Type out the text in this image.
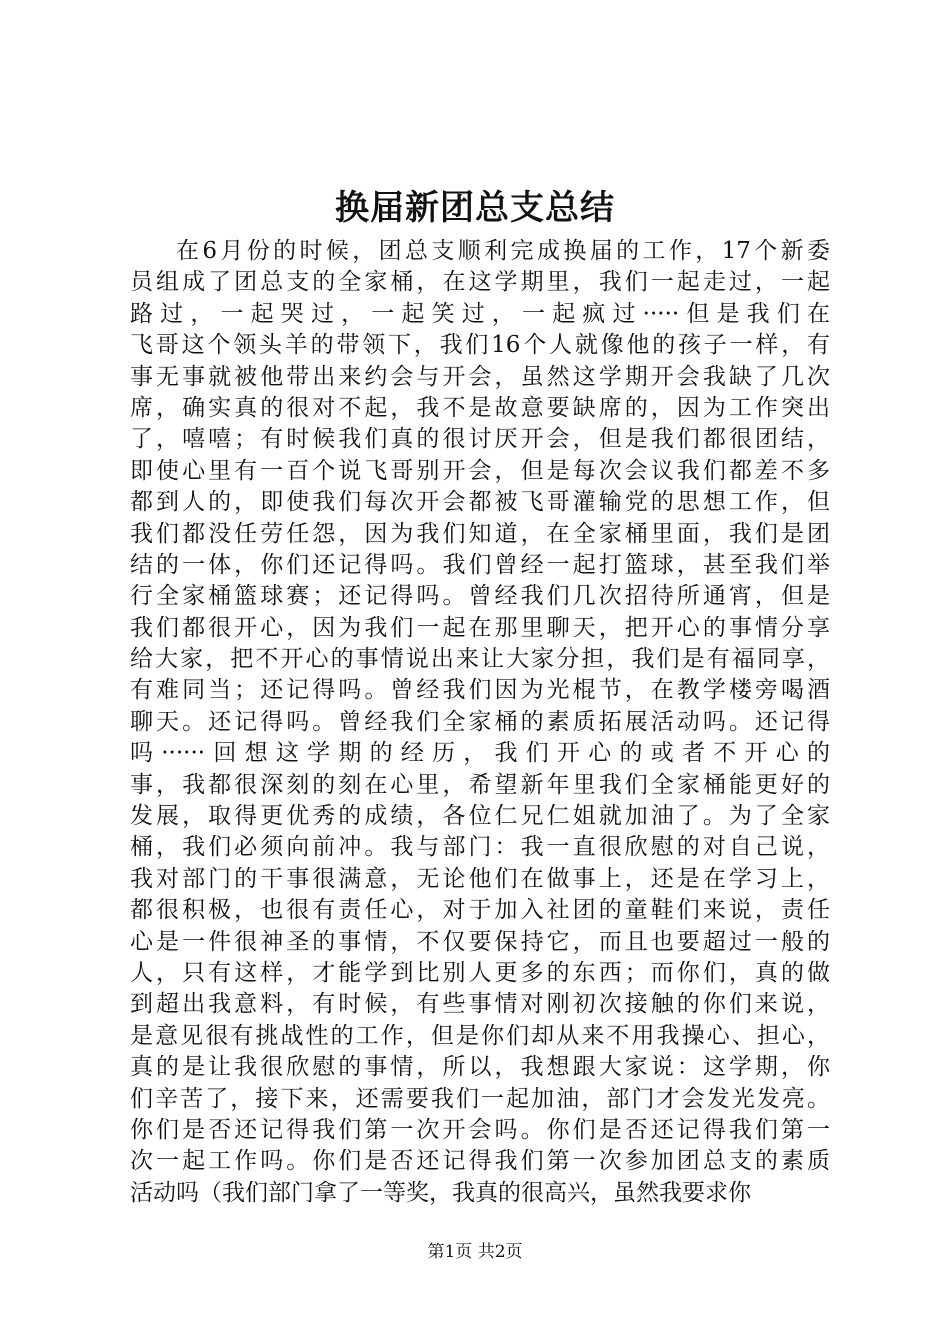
换届新团总支总结
在6月份的时候，团总支顺利完成换届的工作，17个新委
员组成了团总支的全家桶，在这学期里，我们一起走过，一起
路过，一起哭过，一起笑过，一起疯过·····但是我们在
飞哥这个领头羊的带领下，我们16个人就像他的孩子一样，有
事无事就被他带出来约会与开会，虽然这学期开会我缺了几次
席，确实真的很对不起，我不是故意要缺席的，因为工作突出
了，嘻嘻；有时候我们真的很讨厌开会，但是我们都很团结，
即使心里有一百个说飞哥别开会，但是每次会议我们都差不多
都到人的，即使我们每次开会都被飞哥灌输党的思想工作，但
我们都没任劳任怨，因为我们知道，在全家桶里面，我们是团
结的一体，你们还记得吗。我们曾经一起打篮球，甚至我们举
行全家桶篮球赛；还记得吗。曾经我们几次招待所通宵，但是
我们都很开心，因为我们一起在那里聊天，把开心的事情分享
给大家，把不开心的事情说出来让大家分担，我们是有福同享，
有难同当；还记得吗。曾经我们因为光棍节，在教学楼旁喝酒
聊天。还记得吗。曾经我们全家桶的素质拓展活动吗。还记得
吗······回想这学期的经历，我们开心的或者不开心的
事，我都很深刻的刻在心里，希望新年里我们全家桶能更好的
发展，取得更优秀的成绩，各位仁兄仁姐就加油了。为了全家
桶，我们必须向前冲。我与部门：我一直很欣慰的对自己说，
我对部门的干事很满意，无论他们在做事上，还是在学习上，
都很积极，也很有责任心，对于加入社团的童鞋们来说，责任
心是一件很神圣的事情，不仅要保持它，而且也要超过一般的
人，只有这样，才能学到比别人更多的东西；而你们，真的做
到超出我意料，有时候，有些事情对刚初次接触的你们来说，
是意见很有挑战性的工作，但是你们却从来不用我操心、担心，
真的是让我很欣慰的事情，所以，我想跟大家说：这学期，你
们辛苦了，接下来，还需要我们一起加油，部门才会发光发亮。
你们是否还记得我们第一次开会吗。你们是否还记得我们第一
次一起工作吗。你们是否还记得我们第一次参加团总支的素质
活动吗（我们部门拿了一等奖，我真的很高兴，虽然我要求你
第1页 共2页
